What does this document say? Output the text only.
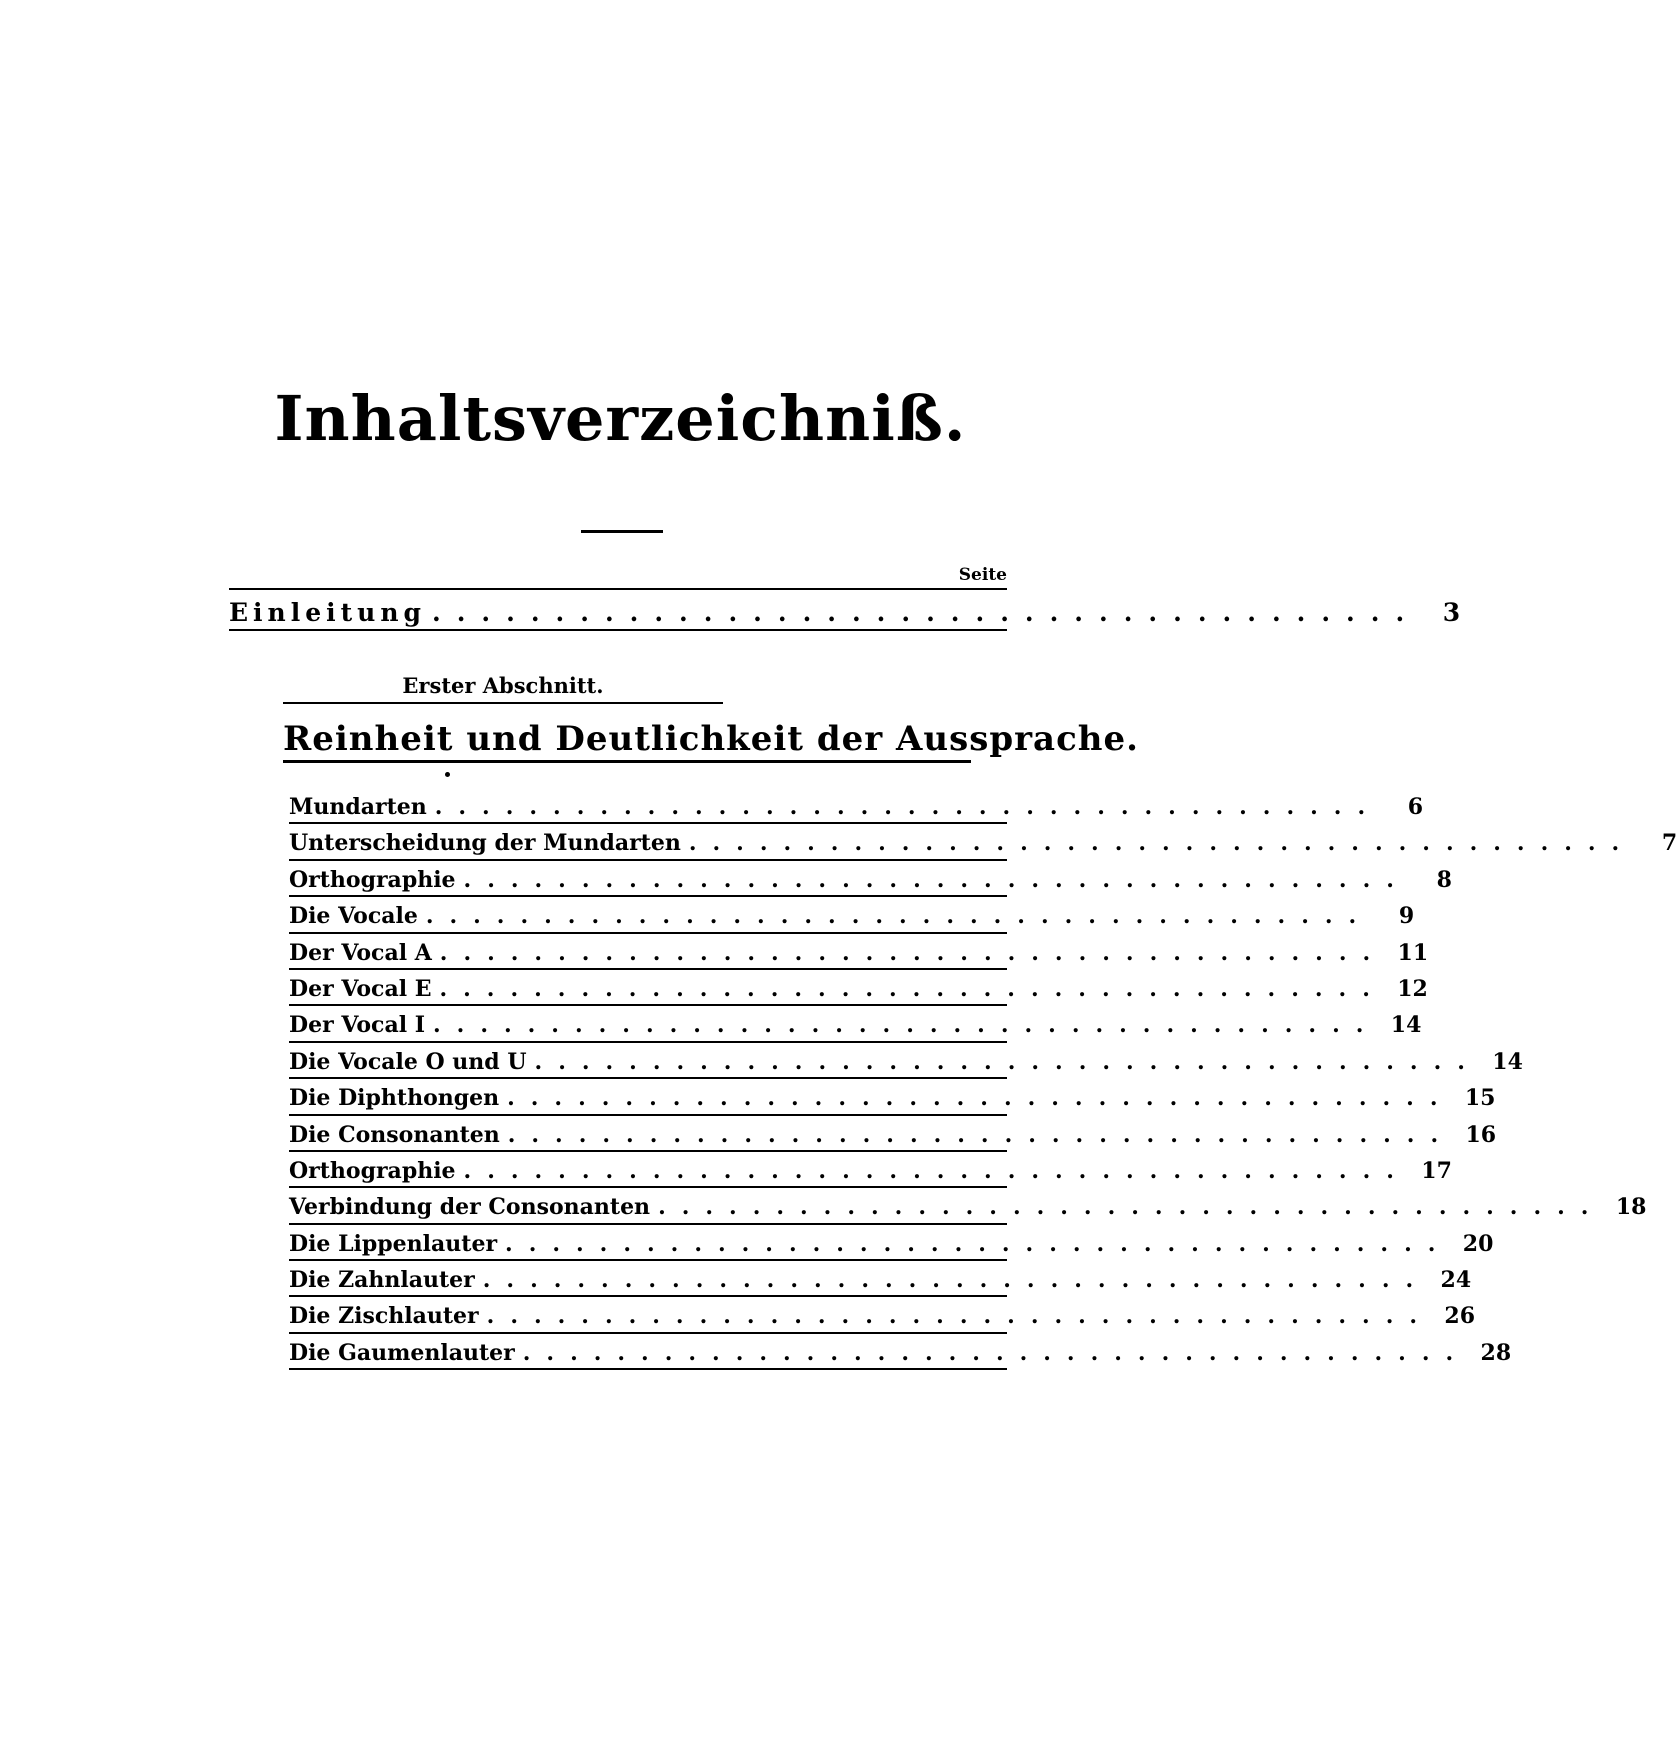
Inhaltsverzeichniß.
Seite
Einleitung ........................................ 3
Erster Abschnitt.
Reinheit und Deutlichkeit der Aussprache.
Mundarten ........................................	6
Unterscheidung der Mundarten ........................................	7
Orthographie ........................................	8
Die Vocale ........................................	9
Der Vocal A ........................................ 11
Der Vocal E ........................................ 12
Der Vocal I ........................................ 14
Die Vocale O und U ........................................ 14
Die Diphthongen ........................................ 15
Die Consonanten ........................................ 16
Orthographie ........................................ 17
Verbindung der Consonanten ........................................ 18
Die Lippenlauter ........................................ 20
Die Zahnlauter ........................................ 24
Die Zischlauter ........................................ 26
Die Gaumenlauter ........................................ 28
